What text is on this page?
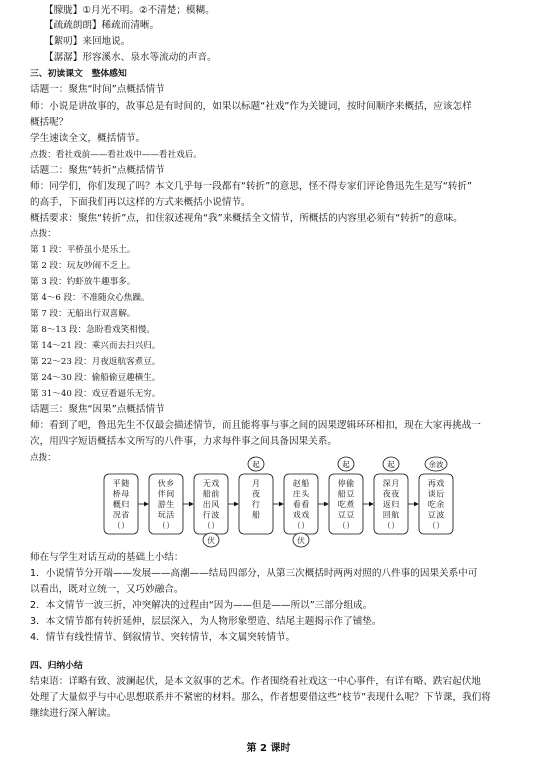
【朦胧】①月光不明。②不清楚；模糊。
【疏疏朗朗】稀疏而清晰。
【絮叨】来回地说。
【潺潺】形容溪水、泉水等流动的声音。
三、初读课文　整体感知
话题一：聚焦“时间”点概括情节
师：小说是讲故事的，故事总是有时间的，如果以标题“社戏”作为关键词，按时间顺序来概括，应该怎样
概括呢？
学生速读全文，概括情节。
点拨：看社戏前——看社戏中——看社戏后。
话题二：聚焦“转折”点概括情节
师：同学们，你们发现了吗？本文几乎每一段都有“转折”的意思，怪不得专家们评论鲁迅先生是写“转折”
的高手，下面我们再以这样的方式来概括小说情节。
概括要求：聚焦“转折”点，扣住叙述视角“我”来概括全文情节，所概括的内容里必须有“转折”的意味。
点拨：
第 1 段：平桥虽小是乐土。
第 2 段：玩友吵闹不乏上。
第 3 段：钓虾放牛趣事多。
第 4～6 段：不准随众心焦躁。
第 7 段：无船出行双喜解。
第 8～13 段：急盼看戏笑相慢。
第 14～21 段：乘兴而去扫兴归。
第 22～23 段：月夜返航客煮豆。
第 24～30 段：偷船偷豆趣横生。
第 31～40 段：戏豆看逼乐无穷。
话题三：聚焦“因果”点概括情节
师：看到了吧，鲁迅先生不仅最会描述情节，而且能将事与事之间的因果逻辑环环相扣，现在大家再挑战一
次，用四字短语概括本文所写的八件事，力求每件事之间具备因果关系。
点拨：
平
桥
概
况
（
随
母
归
省
）
伙
伴
游
玩
（
乡
间
生
活
）
无
船
出
行
（
戏
前
风
波
）
月
夜
行
船
赵
庄
看
戏
（
船
头
看
戏
）
停
船
吃
豆
（
偷
豆
煮
豆
）
深
夜
返
回
（
月
夜
归
航
）
再
谈
吃
豆
（
戏
后
余
波
）
起	起	起	余波
伏	伏
师在与学生对话互动的基础上小结：
1．小说情节分开端——发展——高潮——结局四部分，从第三次概括时两两对照的八件事的因果关系中可
以看出，既对立统一，又巧妙融合。
2．本文情节一波三折，冲突解决的过程由“因为——但是——所以”三部分组成。
3．本文情节都有转折延伸，层层深入，为人物形象塑造、结尾主题揭示作了铺垫。
4．情节有线性情节、倒叙情节、突转情节，本文属突转情节。
四、归纳小结
结束语：详略有致、波澜起伏，是本文叙事的艺术。作者围绕看社戏这一中心事件，有详有略、跌宕起伏地
处理了大量似乎与中心思想联系并不紧密的材料。那么，作者想要借这些“枝节”表现什么呢？下节课，我们将
继续进行深入解读。
第 2 课时
